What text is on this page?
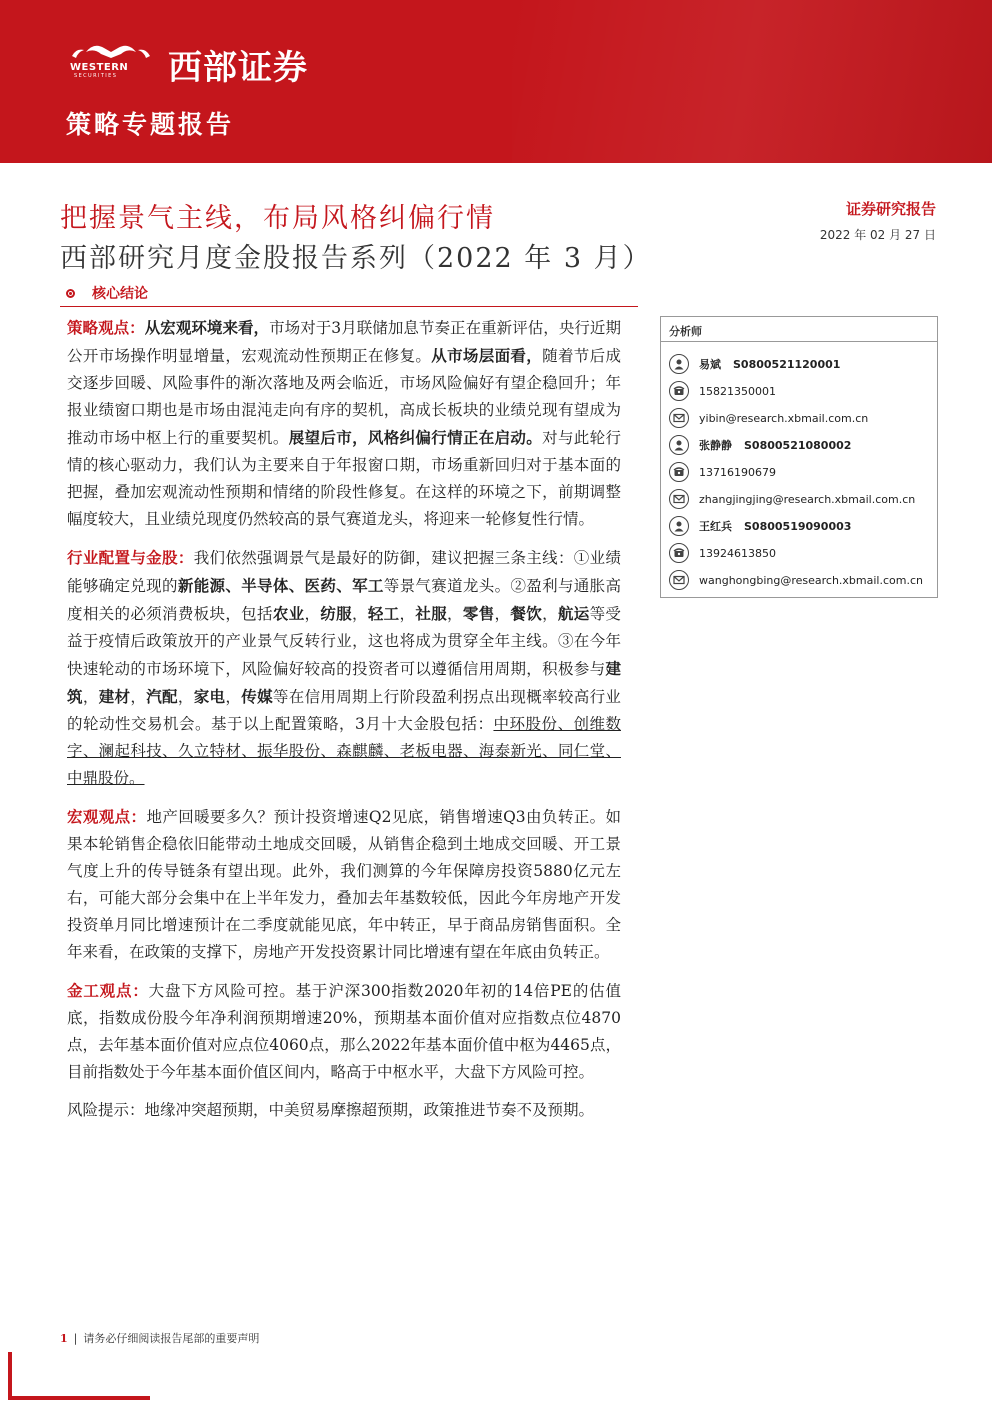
WESTERN
SECURITIES 西部证券
策略专题报告
把握景气主线，布局风格纠偏行情
西部研究月度金股报告系列（2022 年 3 月）
证券研究报告
2022 年 02 月 27 日
核心结论

策略观点：从宏观环境来看，市场对于3月联储加息节奏正在重新评估，央行近期公开市场操作明显增量，宏观流动性预期正在修复。从市场层面看，随着节后成交逐步回暖、风险事件的渐次落地及两会临近，市场风险偏好有望企稳回升；年报业绩窗口期也是市场由混沌走向有序的契机，高成长板块的业绩兑现有望成为推动市场中枢上行的重要契机。展望后市，风格纠偏行情正在启动。对与此轮行情的核心驱动力，我们认为主要来自于年报窗口期，市场重新回归对于基本面的把握，叠加宏观流动性预期和情绪的阶段性修复。在这样的环境之下，前期调整幅度较大，且业绩兑现度仍然较高的景气赛道龙头，将迎来一轮修复性行情。

行业配置与金股：我们依然强调景气是最好的防御，建议把握三条主线：①业绩能够确定兑现的新能源、半导体、医药、军工等景气赛道龙头。②盈利与通胀高度相关的必须消费板块，包括农业，纺服，轻工，社服，零售，餐饮，航运等受益于疫情后政策放开的产业景气反转行业，这也将成为贯穿全年主线。③在今年快速轮动的市场环境下，风险偏好较高的投资者可以遵循信用周期，积极参与建筑，建材，汽配，家电，传媒等在信用周期上行阶段盈利拐点出现概率较高行业的轮动性交易机会。基于以上配置策略，3月十大金股包括：中环股份、创维数字、澜起科技、久立特材、振华股份、森麒麟、老板电器、海泰新光、同仁堂、中鼎股份。

宏观观点：地产回暖要多久？预计投资增速Q2见底，销售增速Q3由负转正。如果本轮销售企稳依旧能带动土地成交回暖，从销售企稳到土地成交回暖、开工景气度上升的传导链条有望出现。此外，我们测算的今年保障房投资5880亿元左右，可能大部分会集中在上半年发力，叠加去年基数较低，因此今年房地产开发投资单月同比增速预计在二季度就能见底，年中转正，早于商品房销售面积。全年来看，在政策的支撑下，房地产开发投资累计同比增速有望在年底由负转正。

金工观点：大盘下方风险可控。基于沪深300指数2020年初的14倍PE的估值底，指数成份股今年净利润预期增速20%，预期基本面价值对应指数点位4870点，去年基本面价值对应点位4060点，那么2022年基本面价值中枢为4465点，目前指数处于今年基本面价值区间内，略高于中枢水平，大盘下方风险可控。

风险提示：地缘冲突超预期，中美贸易摩擦超预期，政策推进节奏不及预期。

分析师
易斌 S0800521120001
15821350001
yibin@research.xbmail.com.cn
张静静 S0800521080002
13716190679
zhangjingjing@research.xbmail.com.cn
王红兵 S0800519090003
13924613850
wanghongbing@research.xbmail.com.cn
1 | 请务必仔细阅读报告尾部的重要声明
